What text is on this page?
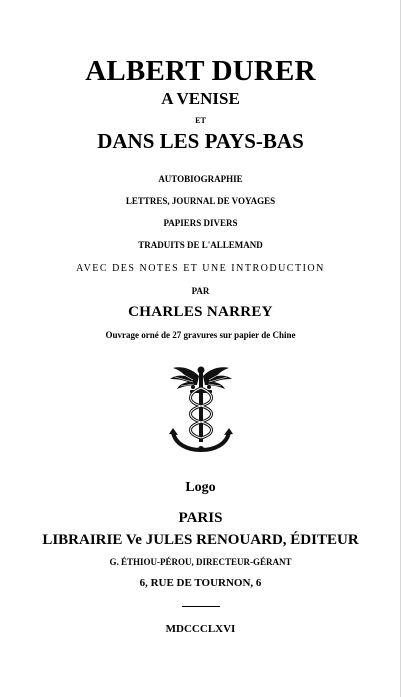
ALBERT DURER
A VENISE
ET
DANS LES PAYS-BAS
AUTOBIOGRAPHIE
LETTRES, JOURNAL DE VOYAGES
PAPIERS DIVERS
TRADUITS DE L'ALLEMAND
AVEC DES NOTES ET UNE INTRODUCTION
PAR
CHARLES NARREY
Ouvrage orné de 27 gravures sur papier de Chine
Logo
PARIS
LIBRAIRIE Ve JULES RENOUARD, ÉDITEUR
G. ÉTHIOU-PÉROU, DIRECTEUR-GÉRANT
6, RUE DE TOURNON, 6
MDCCCLXVI
